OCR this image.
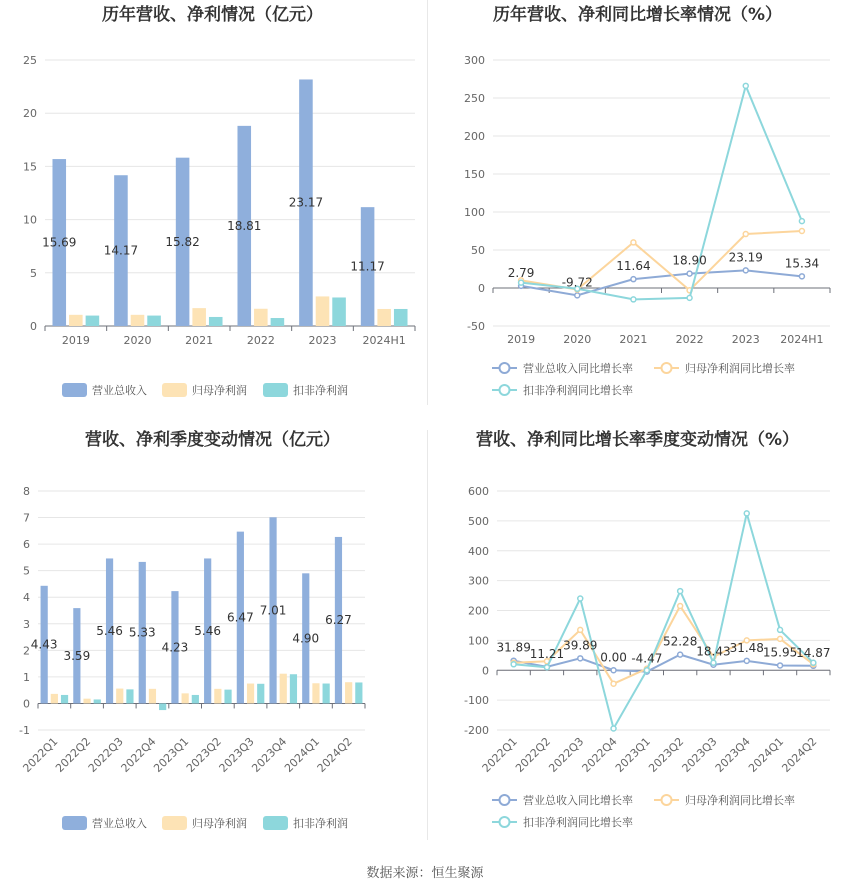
历年营收、净利情况（亿元）
0
5
10
15
20
25
2019	2020	2021	2022	2023 2024H1
15.69
14.17
15.82
18.81
23.17
11.17
营业总收入	归母净利润	扣非净利润
历年营收、净利同比增长率情况（%）
-50
0
50
100
150
200
250
300
2019	2020	2021	2022	2023 2024H1
2.79
-9.72
11.64 18.90 23.19 15.34
营业总收入同比增长率	归母净利润同比增长率
扣非净利润同比增长率
营收、净利季度变动情况（亿元）
-1
0
1
2
3
4
5
6
7
8
2022Q1
2022Q2
2022Q3
2022Q4
2023Q1
2023Q2
2023Q3
2023Q4
2024Q1
2024Q2
4.43
3.59
5.46 5.33
4.23
5.46
6.47
7.01
4.90
6.27
营业总收入	归母净利润	扣非净利润
营收、净利同比增长率季度变动情况（%）
-200
-100
0
100
200
300
400
500
600
2022Q1
2022Q2
2022Q3
2022Q4
2023Q1
2023Q2
2023Q3
2023Q4
2024Q1
2024Q2
31.89
11.21
39.89
0.00 -4.47
52.28
18.43
31.48
15.95
14.87
营业总收入同比增长率	归母净利润同比增长率
扣非净利润同比增长率
数据来源：恒生聚源
